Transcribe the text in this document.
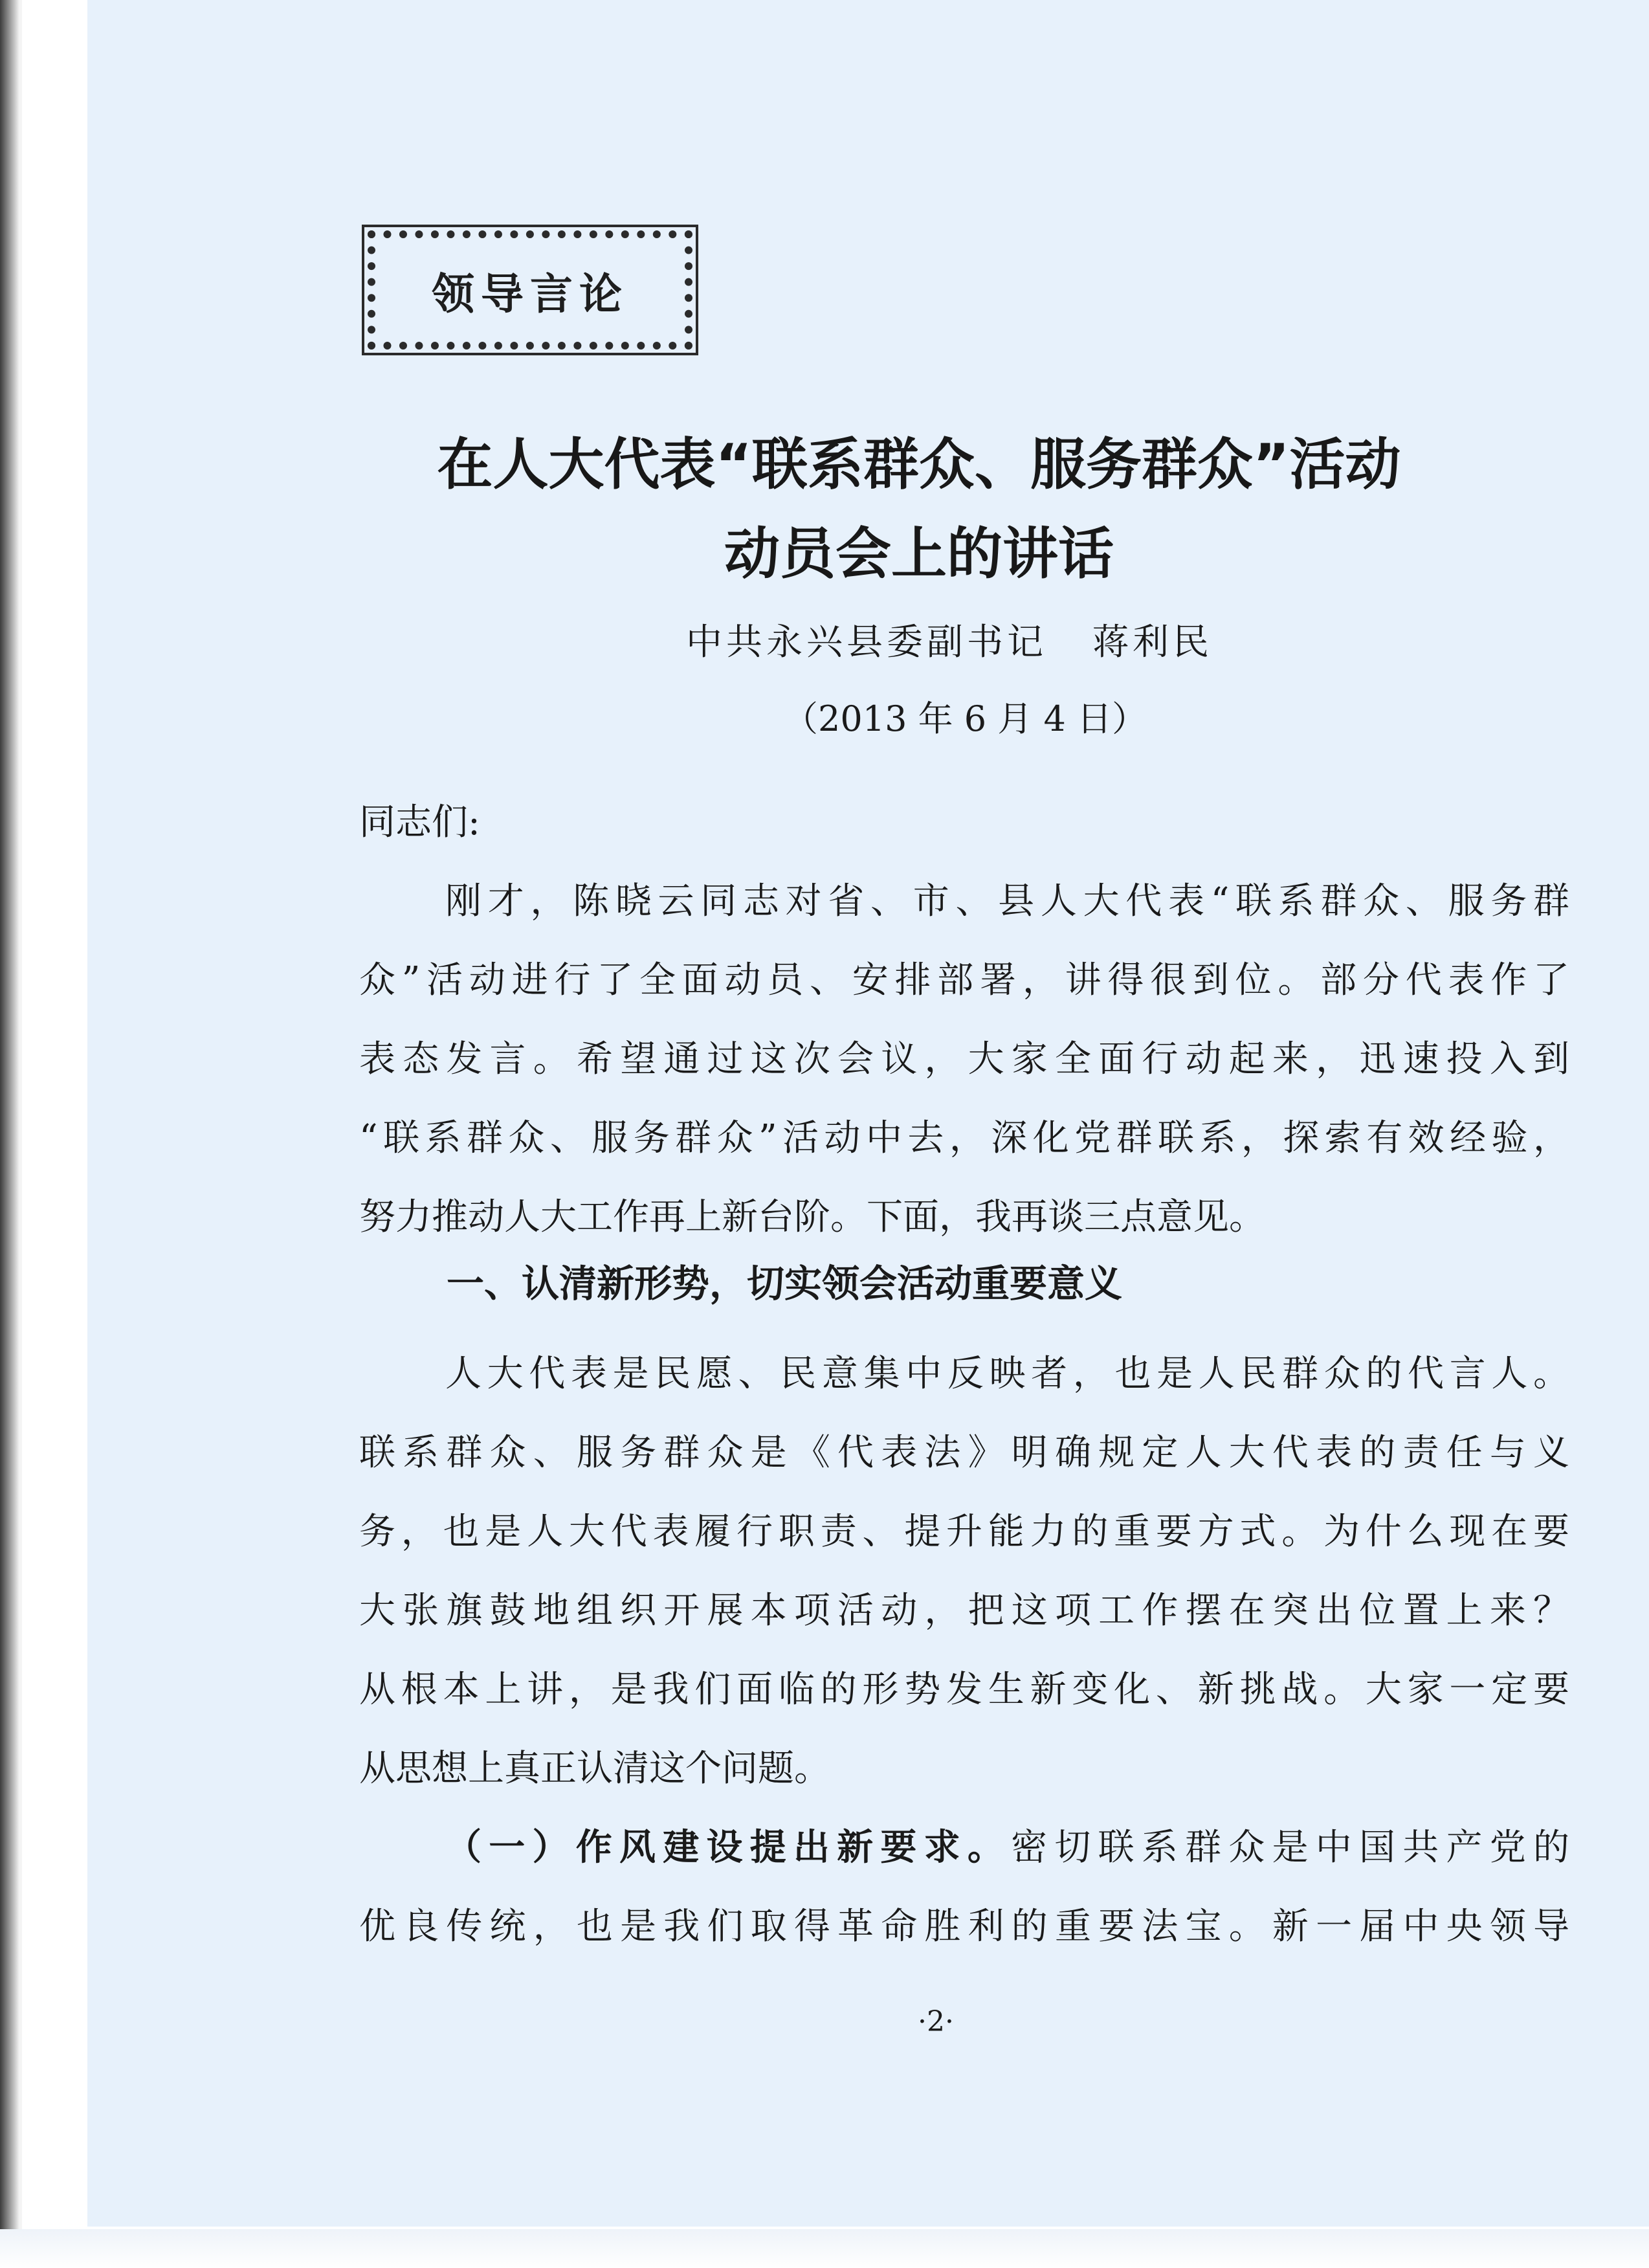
领导言论
在人大代表“联系群众、服务群众”活动
动员会上的讲话
中共永兴县委副书记 蒋利民
（2013 年 6 月 4 日）

同志们:

刚才，陈晓云同志对省、市、县人大代表“联系群众、服务群

众”活动进行了全面动员、安排部署，讲得很到位。部分代表作了

表态发言。希望通过这次会议，大家全面行动起来，迅速投入到

“联系群众、服务群众”活动中去，深化党群联系，探索有效经验，

努力推动人大工作再上新台阶。下面，我再谈三点意见。

一、认清新形势，切实领会活动重要意义

人大代表是民愿、民意集中反映者，也是人民群众的代言人。

联系群众、服务群众是《代表法》明确规定人大代表的责任与义

务，也是人大代表履行职责、提升能力的重要方式。为什么现在要

大张旗鼓地组织开展本项活动，把这项工作摆在突出位置上来？

从根本上讲，是我们面临的形势发生新变化、新挑战。大家一定要

从思想上真正认清这个问题。

（一）作风建设提出新要求。密切联系群众是中国共产党的

优良传统，也是我们取得革命胜利的重要法宝。新一届中央领导

·2·
